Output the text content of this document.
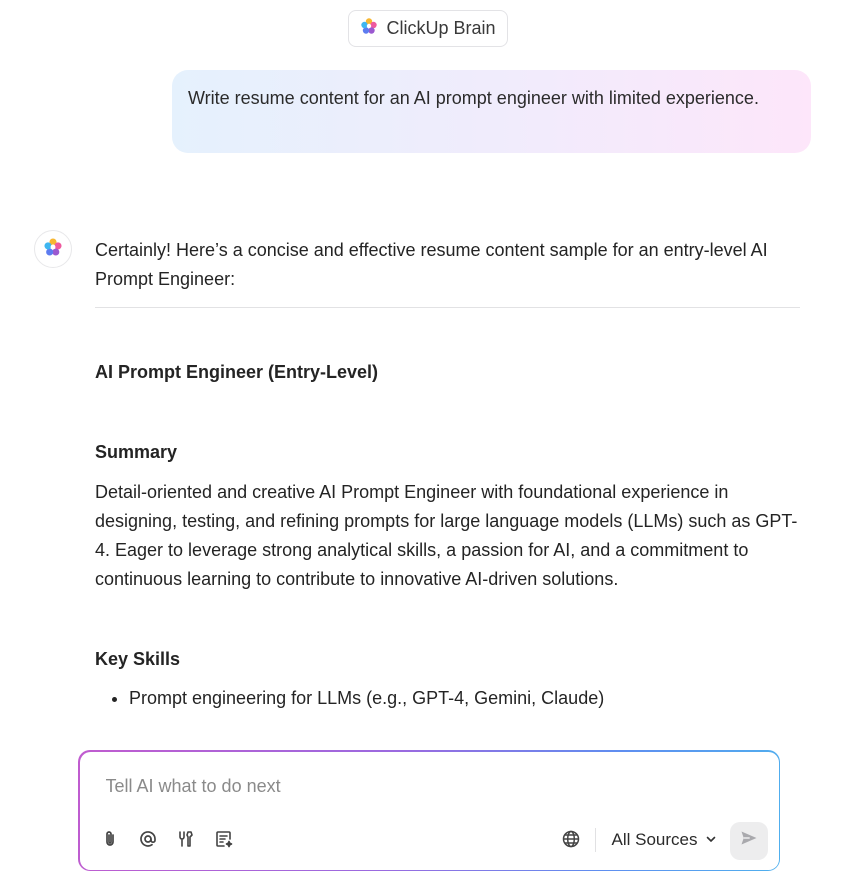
ClickUp Brain
Write resume content for an AI prompt engineer with limited experience.

Certainly! Here’s a concise and effective resume content sample for an entry-level AI Prompt Engineer:

AI Prompt Engineer (Entry-Level)

Summary

Detail-oriented and creative AI Prompt Engineer with foundational experience in designing, testing, and refining prompts for large language models (LLMs) such as GPT-4. Eager to leverage strong analytical skills, a passion for AI, and a commitment to continuous learning to contribute to innovative AI-driven solutions.

Key Skills

• Prompt engineering for LLMs (e.g., GPT-4, Gemini, Claude)
Tell AI what to do next
All Sources
